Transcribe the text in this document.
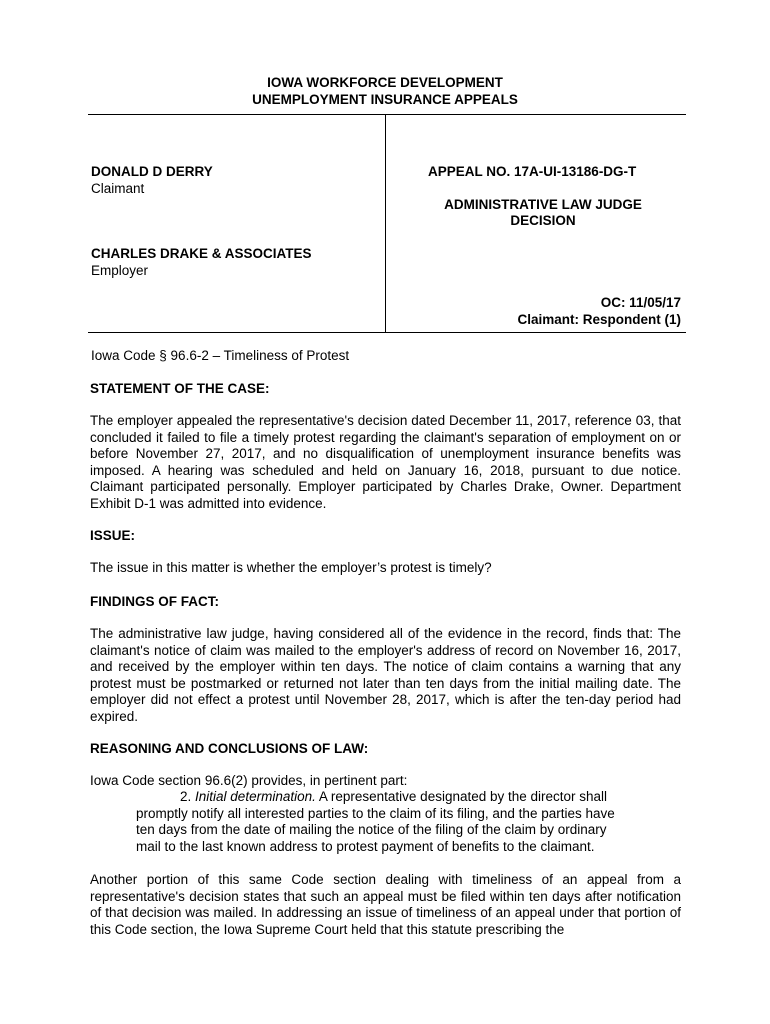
IOWA WORKFORCE DEVELOPMENT
UNEMPLOYMENT INSURANCE APPEALS
DONALD D DERRY
Claimant
CHARLES DRAKE & ASSOCIATES
Employer
APPEAL NO. 17A-UI-13186-DG-T
ADMINISTRATIVE LAW JUDGE
DECISION
OC: 11/05/17
Claimant: Respondent (1)
Iowa Code § 96.6-2 – Timeliness of Protest
STATEMENT OF THE CASE:
The employer appealed the representative's decision dated December 11, 2017, reference 03, that concluded it failed to file a timely protest regarding the claimant's separation of employment on or before November 27, 2017, and no disqualification of unemployment insurance benefits was imposed. A hearing was scheduled and held on January 16, 2018, pursuant to due notice. Claimant participated personally. Employer participated by Charles Drake, Owner. Department Exhibit D-1 was admitted into evidence.
ISSUE:
The issue in this matter is whether the employer’s protest is timely?
FINDINGS OF FACT:
The administrative law judge, having considered all of the evidence in the record, finds that: The claimant's notice of claim was mailed to the employer's address of record on November 16, 2017, and received by the employer within ten days. The notice of claim contains a warning that any protest must be postmarked or returned not later than ten days from the initial mailing date. The employer did not effect a protest until November 28, 2017, which is after the ten-day period had expired.
REASONING AND CONCLUSIONS OF LAW:
Iowa Code section 96.6(2) provides, in pertinent part:
2. Initial determination. A representative designated by the director shall promptly notify all interested parties to the claim of its filing, and the parties have ten days from the date of mailing the notice of the filing of the claim by ordinary mail to the last known address to protest payment of benefits to the claimant.
Another portion of this same Code section dealing with timeliness of an appeal from a representative's decision states that such an appeal must be filed within ten days after notification of that decision was mailed. In addressing an issue of timeliness of an appeal under that portion of this Code section, the Iowa Supreme Court held that this statute prescribing the
